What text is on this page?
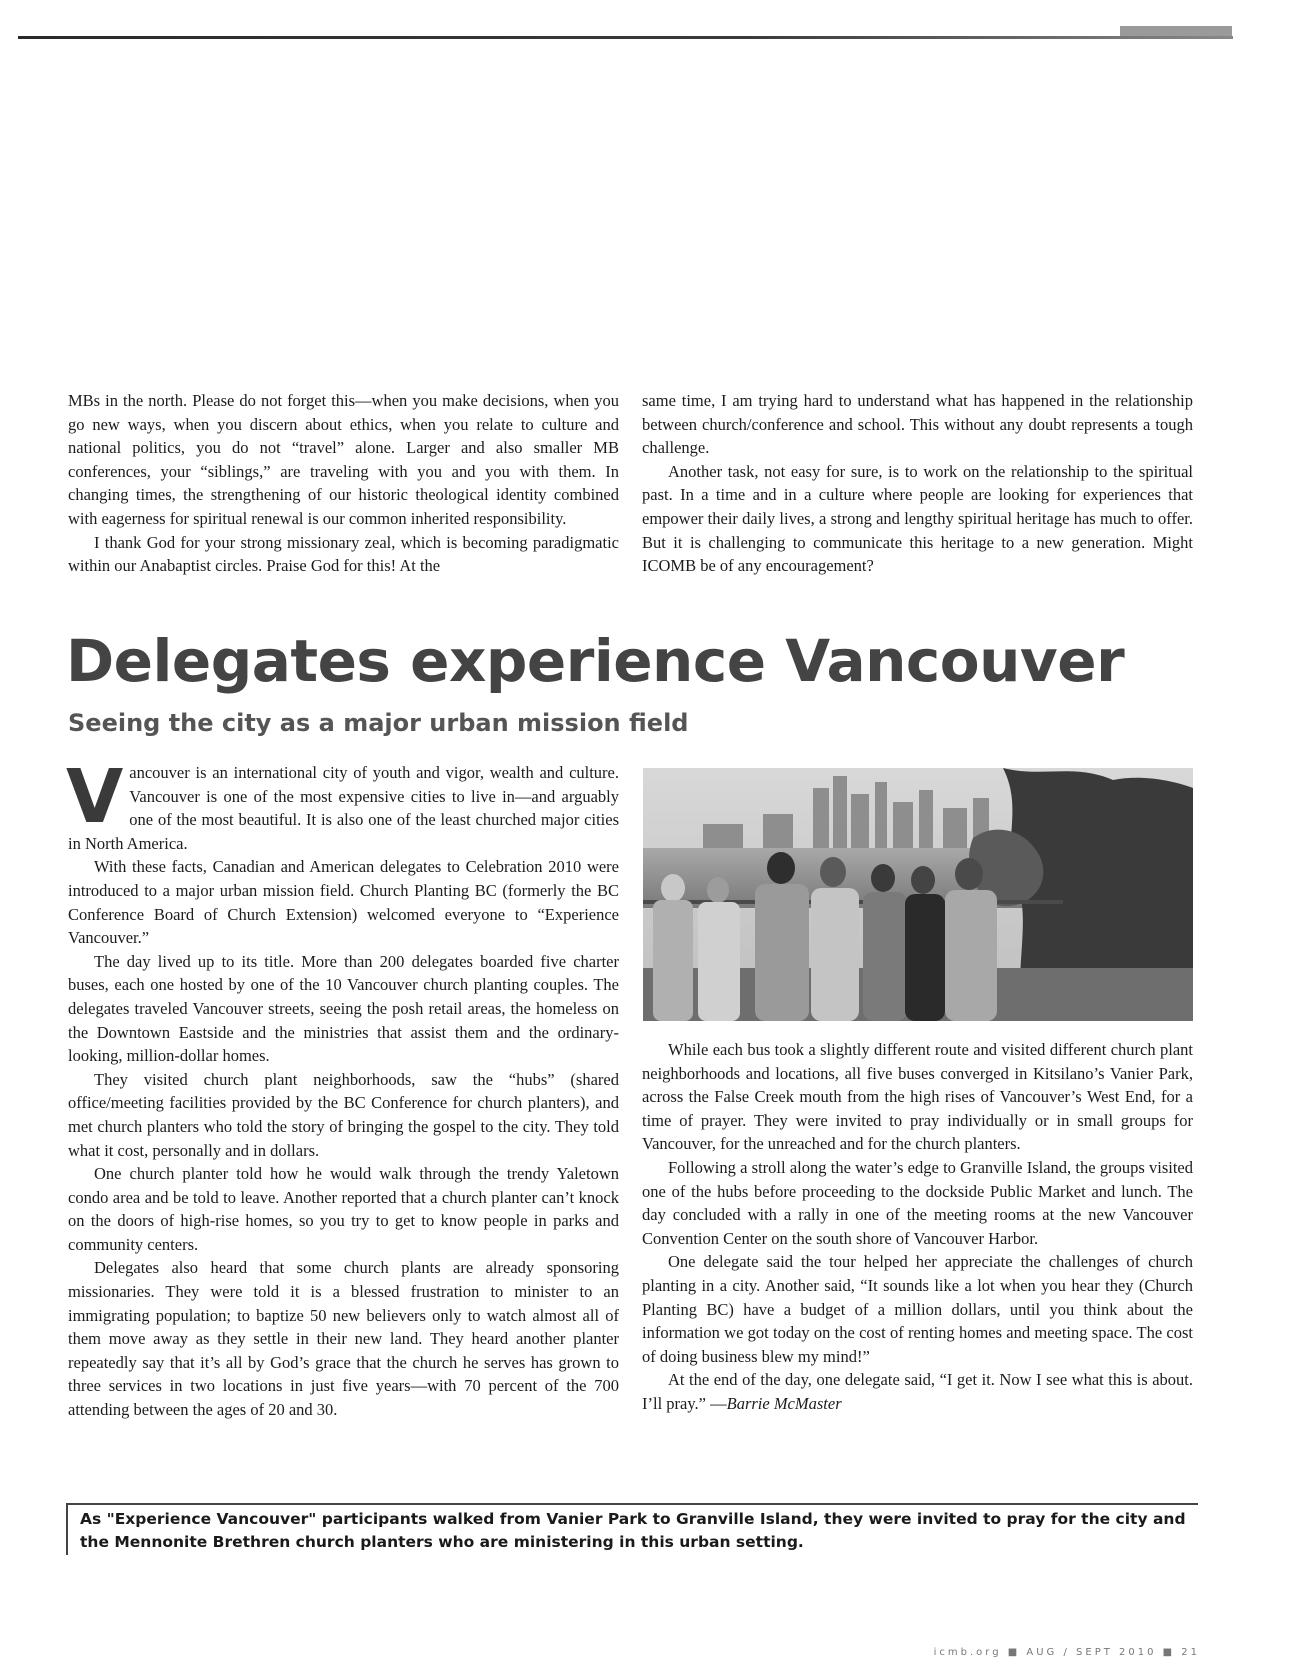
MBs in the north. Please do not forget this—when you make decisions, when you go new ways, when you discern about ethics, when you relate to culture and national politics, you do not “travel” alone. Larger and also smaller MB conferences, your “siblings,” are traveling with you and you with them. In changing times, the strengthening of our historic theological identity combined with eagerness for spiritual renewal is our common inherited responsibility.

I thank God for your strong missionary zeal, which is becoming paradigmatic within our Anabaptist circles. Praise God for this! At the

same time, I am trying hard to understand what has happened in the relationship between church/conference and school. This without any doubt represents a tough challenge.

Another task, not easy for sure, is to work on the relationship to the spiritual past. In a time and in a culture where people are looking for experiences that empower their daily lives, a strong and lengthy spiritual heritage has much to offer. But it is challenging to communicate this heritage to a new generation. Might ICOMB be of any encouragement?

Delegates experience Vancouver
Seeing the city as a major urban mission field

Vancouver is an international city of youth and vigor, wealth and culture. Vancouver is one of the most expensive cities to live in—and arguably one of the most beautiful. It is also one of the least churched major cities in North America.

With these facts, Canadian and American delegates to Celebration 2010 were introduced to a major urban mission field. Church Planting BC (formerly the BC Conference Board of Church Extension) welcomed everyone to “Experience Vancouver.”

The day lived up to its title. More than 200 delegates boarded five charter buses, each one hosted by one of the 10 Vancouver church planting couples. The delegates traveled Vancouver streets, seeing the posh retail areas, the homeless on the Downtown Eastside and the ministries that assist them and the ordinary-looking, million-dollar homes.

They visited church plant neighborhoods, saw the “hubs” (shared office/meeting facilities provided by the BC Conference for church planters), and met church planters who told the story of bringing the gospel to the city. They told what it cost, personally and in dollars.

One church planter told how he would walk through the trendy Yaletown condo area and be told to leave. Another reported that a church planter can’t knock on the doors of high-rise homes, so you try to get to know people in parks and community centers.

Delegates also heard that some church plants are already sponsoring missionaries. They were told it is a blessed frustration to minister to an immigrating population; to baptize 50 new believers only to watch almost all of them move away as they settle in their new land. They heard another planter repeatedly say that it’s all by God’s grace that the church he serves has grown to three services in two locations in just five years—with 70 percent of the 700 attending between the ages of 20 and 30.

While each bus took a slightly different route and visited different church plant neighborhoods and locations, all five buses converged in Kitsilano’s Vanier Park, across the False Creek mouth from the high rises of Vancouver’s West End, for a time of prayer. They were invited to pray individually or in small groups for Vancouver, for the unreached and for the church planters.

Following a stroll along the water’s edge to Granville Island, the groups visited one of the hubs before proceeding to the dockside Public Market and lunch. The day concluded with a rally in one of the meeting rooms at the new Vancouver Convention Center on the south shore of Vancouver Harbor.

One delegate said the tour helped her appreciate the challenges of church planting in a city. Another said, “It sounds like a lot when you hear they (Church Planting BC) have a budget of a million dollars, until you think about the information we got today on the cost of renting homes and meeting space. The cost of doing business blew my mind!”

At the end of the day, one delegate said, “I get it. Now I see what this is about. I’ll pray.” —Barrie McMaster

As "Experience Vancouver" participants walked from Vanier Park to Granville Island, they were invited to pray for the city and the Mennonite Brethren church planters who are ministering in this urban setting.

icmb.org ■ AUG / SEPT 2010 ■ 21
